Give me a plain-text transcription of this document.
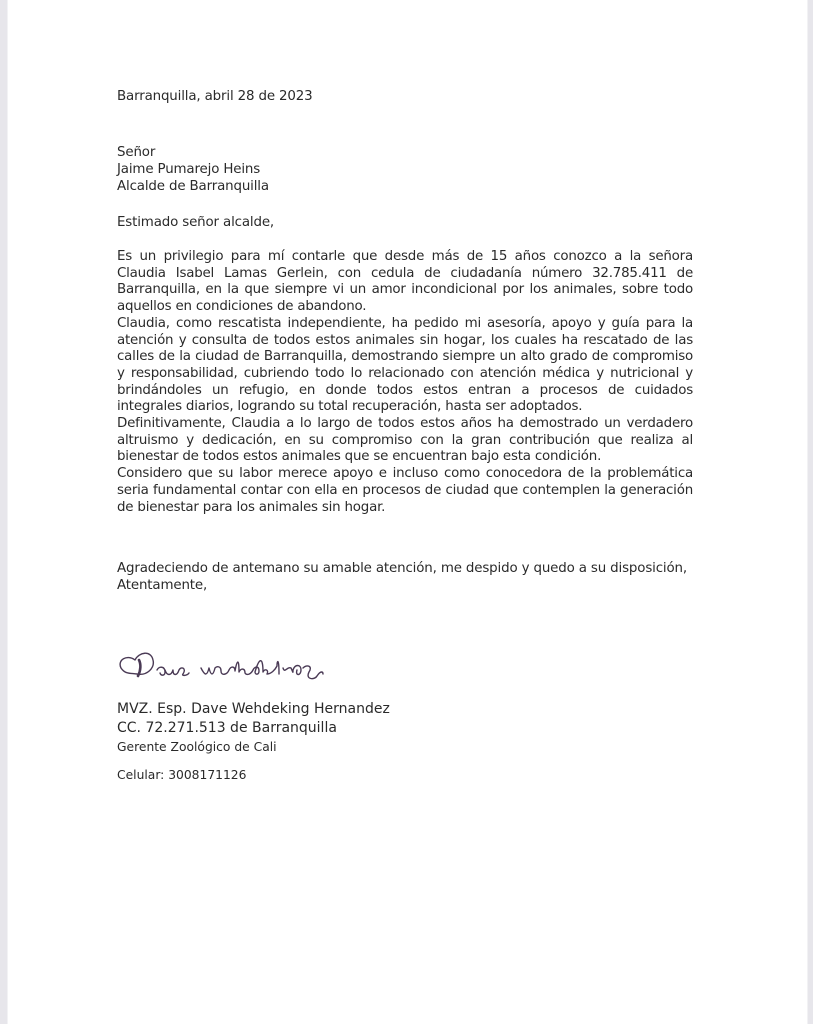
Barranquilla, abril 28 de 2023
Señor
Jaime Pumarejo Heins
Alcalde de Barranquilla
Estimado señor alcalde,

Es un privilegio para mí contarle que desde más de 15 años conozco a la señora Claudia Isabel Lamas Gerlein, con cedula de ciudadanía número 32.785.411 de Barranquilla, en la que siempre vi un amor incondicional por los animales, sobre todo aquellos en condiciones de abandono.

Claudia, como rescatista independiente, ha pedido mi asesoría, apoyo y guía para la atención y consulta de todos estos animales sin hogar, los cuales ha rescatado de las calles de la ciudad de Barranquilla, demostrando siempre un alto grado de compromiso y responsabilidad, cubriendo todo lo relacionado con atención médica y nutricional y brindándoles un refugio, en donde todos estos entran a procesos de cuidados integrales diarios, logrando su total recuperación, hasta ser adoptados.

Definitivamente, Claudia a lo largo de todos estos años ha demostrado un verdadero altruismo y dedicación, en su compromiso con la gran contribución que realiza al bienestar de todos estos animales que se encuentran bajo esta condición.

Considero que su labor merece apoyo e incluso como conocedora de la problemática seria fundamental contar con ella en procesos de ciudad que contemplen la generación de bienestar para los animales sin hogar.

Agradeciendo de antemano su amable atención, me despido y quedo a su disposición,
Atentamente,
MVZ. Esp. Dave Wehdeking Hernandez
CC. 72.271.513 de Barranquilla
Gerente Zoológico de Cali
Celular: 3008171126
